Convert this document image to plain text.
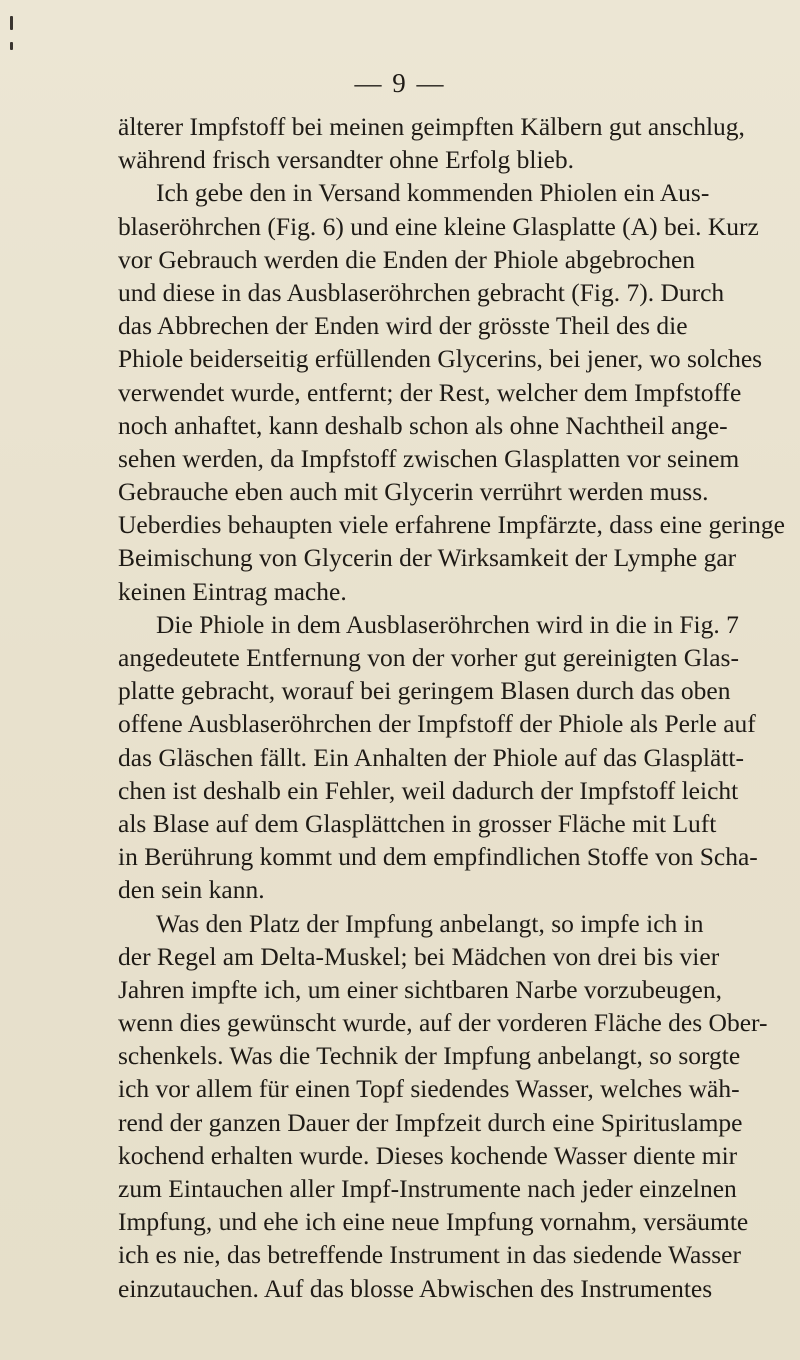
— 9 —
älterer Impfstoff bei meinen geimpften Kälbern gut anschlug,
während frisch versandter ohne Erfolg blieb.
Ich gebe den in Versand kommenden Phiolen ein Aus-
blaseröhrchen (Fig. 6) und eine kleine Glasplatte (A) bei. Kurz
vor Gebrauch werden die Enden der Phiole abgebrochen
und diese in das Ausblaseröhrchen gebracht (Fig. 7). Durch
das Abbrechen der Enden wird der grösste Theil des die
Phiole beiderseitig erfüllenden Glycerins, bei jener, wo solches
verwendet wurde, entfernt; der Rest, welcher dem Impfstoffe
noch anhaftet, kann deshalb schon als ohne Nachtheil ange-
sehen werden, da Impfstoff zwischen Glasplatten vor seinem
Gebrauche eben auch mit Glycerin verrührt werden muss.
Ueberdies behaupten viele erfahrene Impfärzte, dass eine geringe
Beimischung von Glycerin der Wirksamkeit der Lymphe gar
keinen Eintrag mache.
Die Phiole in dem Ausblaseröhrchen wird in die in Fig. 7
angedeutete Entfernung von der vorher gut gereinigten Glas-
platte gebracht, worauf bei geringem Blasen durch das oben
offene Ausblaseröhrchen der Impfstoff der Phiole als Perle auf
das Gläschen fällt. Ein Anhalten der Phiole auf das Glasplätt-
chen ist deshalb ein Fehler, weil dadurch der Impfstoff leicht
als Blase auf dem Glasplättchen in grosser Fläche mit Luft
in Berührung kommt und dem empfindlichen Stoffe von Scha-
den sein kann.
Was den Platz der Impfung anbelangt, so impfe ich in
der Regel am Delta-Muskel; bei Mädchen von drei bis vier
Jahren impfte ich, um einer sichtbaren Narbe vorzubeugen,
wenn dies gewünscht wurde, auf der vorderen Fläche des Ober-
schenkels. Was die Technik der Impfung anbelangt, so sorgte
ich vor allem für einen Topf siedendes Wasser, welches wäh-
rend der ganzen Dauer der Impfzeit durch eine Spirituslampe
kochend erhalten wurde. Dieses kochende Wasser diente mir
zum Eintauchen aller Impf-Instrumente nach jeder einzelnen
Impfung, und ehe ich eine neue Impfung vornahm, versäumte
ich es nie, das betreffende Instrument in das siedende Wasser
einzutauchen. Auf das blosse Abwischen des Instrumentes
